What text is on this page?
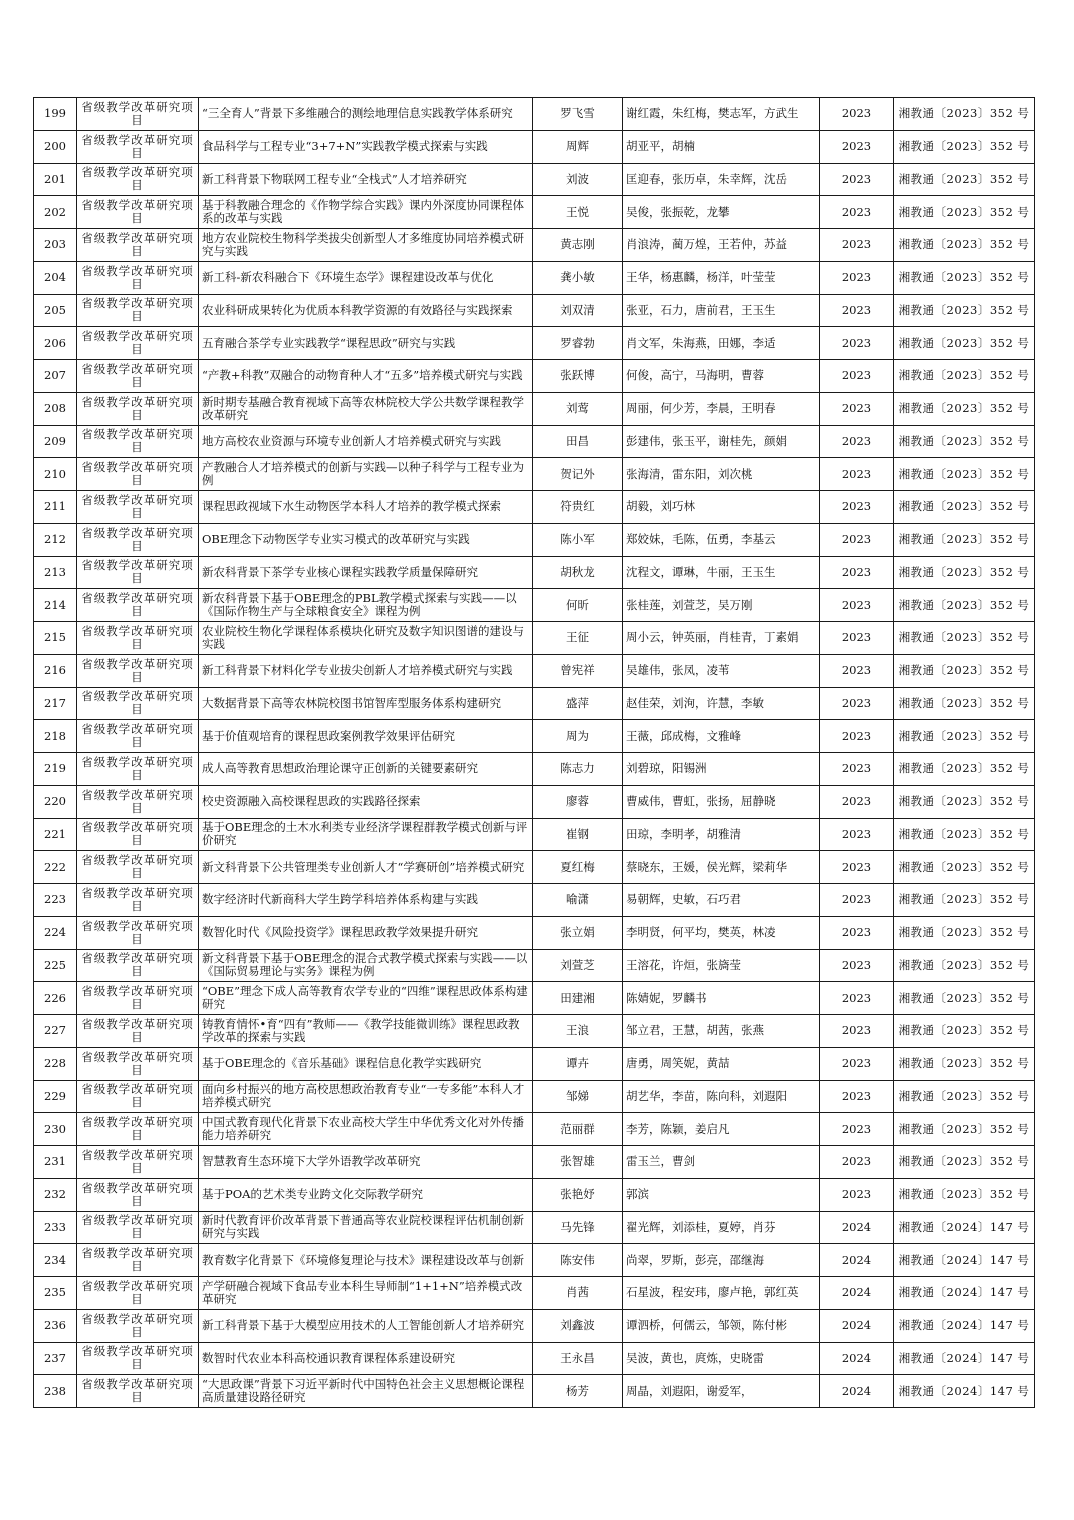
199	省级教学改革研究项目	“三全育人”背景下多维融合的测绘地理信息实践教学体系研究	罗飞雪	谢红霞，朱红梅，樊志军，方武生	2023	湘教通〔2023〕352 号
200	省级教学改革研究项目	食品科学与工程专业“3+7+N”实践教学模式探索与实践	周辉	胡亚平，胡楠	2023	湘教通〔2023〕352 号
201	省级教学改革研究项目	新工科背景下物联网工程专业“全栈式”人才培养研究	刘波	匡迎春，张历卓，朱幸辉，沈岳	2023	湘教通〔2023〕352 号
202	省级教学改革研究项目	基于科教融合理念的《作物学综合实践》课内外深度协同课程体系的改革与实践	王悦	吴俊，张振乾，龙攀	2023	湘教通〔2023〕352 号
203	省级教学改革研究项目	地方农业院校生物科学类拔尖创新型人才多维度协同培养模式研究与实践	黄志刚	肖浪涛，蔺万煌，王若仲，苏益	2023	湘教通〔2023〕352 号
204	省级教学改革研究项目	新工科-新农科融合下《环境生态学》课程建设改革与优化	龚小敏	王华，杨惠麟，杨洋，叶莹莹	2023	湘教通〔2023〕352 号
205	省级教学改革研究项目	农业科研成果转化为优质本科教学资源的有效路径与实践探索	刘双清	张亚，石力，唐前君，王玉生	2023	湘教通〔2023〕352 号
206	省级教学改革研究项目	五育融合茶学专业实践教学“课程思政”研究与实践	罗睿勃	肖文军，朱海燕，田娜，李适	2023	湘教通〔2023〕352 号
207	省级教学改革研究项目	“产教+科教”双融合的动物育种人才“五多”培养模式研究与实践	张跃博	何俊，高宁，马海明，曹蓉	2023	湘教通〔2023〕352 号
208	省级教学改革研究项目	新时期专基融合教育视域下高等农林院校大学公共数学课程教学改革研究	刘莺	周丽，何少芳，李晨，王明春	2023	湘教通〔2023〕352 号
209	省级教学改革研究项目	地方高校农业资源与环境专业创新人才培养模式研究与实践	田昌	彭建伟，张玉平，谢桂先，颜娟	2023	湘教通〔2023〕352 号
210	省级教学改革研究项目	产教融合人才培养模式的创新与实践—以种子科学与工程专业为例	贺记外	张海清，雷东阳，刘次桃	2023	湘教通〔2023〕352 号
211	省级教学改革研究项目	课程思政视域下水生动物医学本科人才培养的教学模式探索	符贵红	胡毅，刘巧林	2023	湘教通〔2023〕352 号
212	省级教学改革研究项目	OBE理念下动物医学专业实习模式的改革研究与实践	陈小军	郑姣妹，毛陈，伍勇，李基云	2023	湘教通〔2023〕352 号
213	省级教学改革研究项目	新农科背景下茶学专业核心课程实践教学质量保障研究	胡秋龙	沈程文，谭琳，牛丽，王玉生	2023	湘教通〔2023〕352 号
214	省级教学改革研究项目	新农科背景下基于OBE理念的PBL教学模式探索与实践——以《国际作物生产与全球粮食安全》课程为例	何昕	张桂莲，刘萱芝，吴万刚	2023	湘教通〔2023〕352 号
215	省级教学改革研究项目	农业院校生物化学课程体系模块化研究及数字知识图谱的建设与实践	王征	周小云，钟英丽，肖桂青，丁素娟	2023	湘教通〔2023〕352 号
216	省级教学改革研究项目	新工科背景下材料化学专业拔尖创新人才培养模式研究与实践	曾宪祥	吴雄伟，张凤，凌苇	2023	湘教通〔2023〕352 号
217	省级教学改革研究项目	大数据背景下高等农林院校图书馆智库型服务体系构建研究	盛萍	赵佳荣，刘洵，许慧，李敏	2023	湘教通〔2023〕352 号
218	省级教学改革研究项目	基于价值观培育的课程思政案例教学效果评估研究	周为	王薇，邱成梅，文雅峰	2023	湘教通〔2023〕352 号
219	省级教学改革研究项目	成人高等教育思想政治理论课守正创新的关键要素研究	陈志力	刘碧琼，阳锡洲	2023	湘教通〔2023〕352 号
220	省级教学改革研究项目	校史资源融入高校课程思政的实践路径探索	廖蓉	曹威伟，曹虹，张扬，屈静晓	2023	湘教通〔2023〕352 号
221	省级教学改革研究项目	基于OBE理念的土木水利类专业经济学课程群教学模式创新与评价研究	崔钢	田琼，李明孝，胡雅清	2023	湘教通〔2023〕352 号
222	省级教学改革研究项目	新文科背景下公共管理类专业创新人才“学赛研创”培养模式研究	夏红梅	蔡晓东，王媛，侯光辉，梁莉华	2023	湘教通〔2023〕352 号
223	省级教学改革研究项目	数字经济时代新商科大学生跨学科培养体系构建与实践	喻潇	易朝辉，史敏，石巧君	2023	湘教通〔2023〕352 号
224	省级教学改革研究项目	数智化时代《风险投资学》课程思政教学效果提升研究	张立娟	李明贤，何平均，樊英，林凌	2023	湘教通〔2023〕352 号
225	省级教学改革研究项目	新文科背景下基于OBE理念的混合式教学模式探索与实践——以《国际贸易理论与实务》课程为例	刘萱芝	王溶花，许烜，张旖莹	2023	湘教通〔2023〕352 号
226	省级教学改革研究项目	“OBE”理念下成人高等教育农学专业的“四维”课程思政体系构建研究	田建湘	陈婧妮，罗麟书	2023	湘教通〔2023〕352 号
227	省级教学改革研究项目	铸教育情怀•育“四有”教师——《教学技能微训练》课程思政教学改革的探索与实践	王浪	邹立君，王慧，胡茜，张燕	2023	湘教通〔2023〕352 号
228	省级教学改革研究项目	基于OBE理念的《音乐基础》课程信息化教学实践研究	谭卉	唐勇，周笑妮，黄喆	2023	湘教通〔2023〕352 号
229	省级教学改革研究项目	面向乡村振兴的地方高校思想政治教育专业“一专多能”本科人才培养模式研究	邹娣	胡艺华，李苗，陈向科，刘遐阳	2023	湘教通〔2023〕352 号
230	省级教学改革研究项目	中国式教育现代化背景下农业高校大学生中华优秀文化对外传播能力培养研究	范丽群	李芳，陈颖，姜启凡	2023	湘教通〔2023〕352 号
231	省级教学改革研究项目	智慧教育生态环境下大学外语教学改革研究	张智雄	雷玉兰，曹剑	2023	湘教通〔2023〕352 号
232	省级教学改革研究项目	基于POA的艺术类专业跨文化交际教学研究	张艳妤	郭滨	2023	湘教通〔2023〕352 号
233	省级教学改革研究项目	新时代教育评价改革背景下普通高等农业院校课程评估机制创新研究与实践	马先锋	翟光辉，刘添桂，夏婷，肖芬	2024	湘教通〔2024〕147 号
234	省级教学改革研究项目	教育数字化背景下《环境修复理论与技术》课程建设改革与创新	陈安伟	尚翠，罗斯，彭亮，邵继海	2024	湘教通〔2024〕147 号
235	省级教学改革研究项目	产学研融合视域下食品专业本科生导师制“1+1+N”培养模式改革研究	肖茜	石星波，程安玮，廖卢艳，郭红英	2024	湘教通〔2024〕147 号
236	省级教学改革研究项目	新工科背景下基于大模型应用技术的人工智能创新人才培养研究	刘鑫波	谭泗桥，何儒云，邹领，陈付彬	2024	湘教通〔2024〕147 号
237	省级教学改革研究项目	数智时代农业本科高校通识教育课程体系建设研究	王永昌	吴波，黄也，庹炼，史晓雷	2024	湘教通〔2024〕147 号
238	省级教学改革研究项目	“大思政课”背景下习近平新时代中国特色社会主义思想概论课程高质量建设路径研究	杨芳	周晶，刘遐阳，谢爱军，	2024	湘教通〔2024〕147 号
